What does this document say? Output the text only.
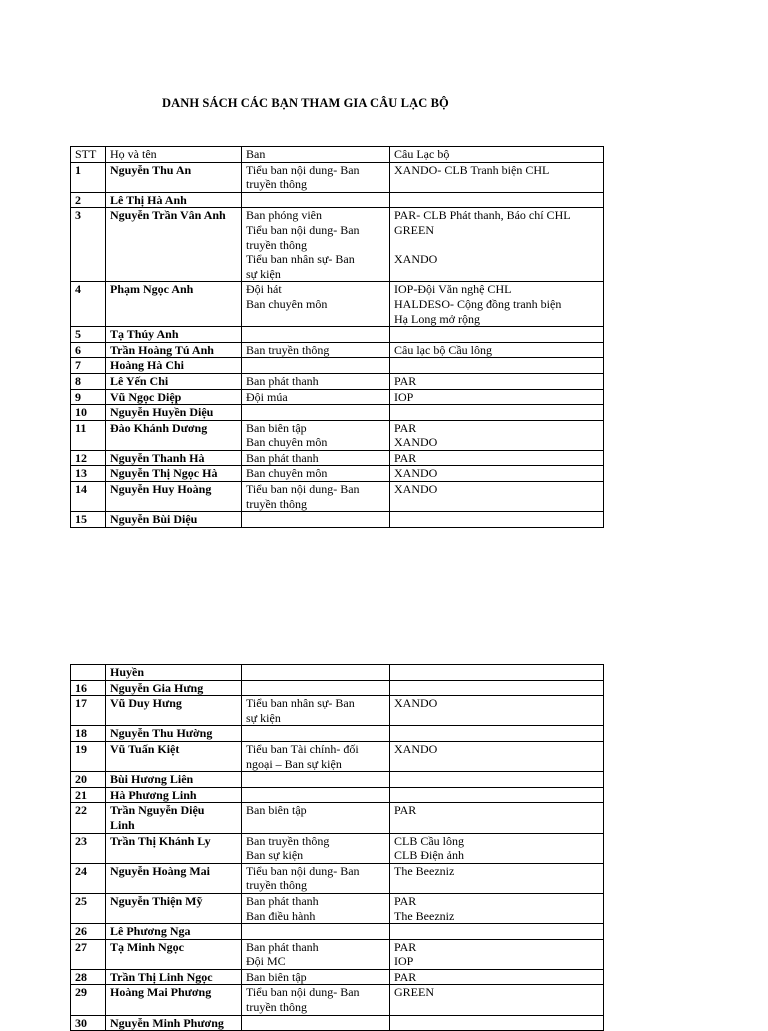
DANH SÁCH CÁC BẠN THAM GIA CÂU LẠC BỘ
STT	Họ và tên	Ban	Câu Lạc bộ
1	Nguyễn Thu An	Tiểu ban nội dung- Ban
truyền thông	XANDO- CLB Tranh biện CHL
2	Lê Thị Hà Anh		
3	Nguyễn Trần Vân Anh	Ban phóng viên
Tiểu ban nội dung- Ban
truyền thông
Tiểu ban nhân sự- Ban
sự kiện	PAR- CLB Phát thanh, Báo chí CHL
GREEN

XANDO
4	Phạm Ngọc Anh	Đội hát
Ban chuyên môn	IOP-Đội Văn nghệ CHL
HALDESO- Cộng đồng tranh biện
Hạ Long mở rộng
5	Tạ Thúy Anh		
6	Trần Hoàng Tú Anh	Ban truyền thông	Câu lạc bộ Cầu lông
7	Hoàng Hà Chi		
8	Lê Yến Chi	Ban phát thanh	PAR
9	Vũ Ngọc Diệp	Đội múa	IOP
10	Nguyễn Huyền Diệu		
11	Đào Khánh Dương	Ban biên tập
Ban chuyên môn	PAR
XANDO
12	Nguyễn Thanh Hà	Ban phát thanh	PAR
13	Nguyễn Thị Ngọc Hà	Ban chuyên môn	XANDO
14	Nguyễn Huy Hoàng	Tiểu ban nội dung- Ban
truyền thông	XANDO
15	Nguyễn Bùi Diệu		
	Huyền		
16	Nguyễn Gia Hưng		
17	Vũ Duy Hưng	Tiểu ban nhân sự- Ban
sự kiện	XANDO
18	Nguyễn Thu Hường		
19	Vũ Tuấn Kiệt	Tiểu ban Tài chính- đối
ngoại – Ban sự kiện	XANDO
20	Bùi Hương Liên		
21	Hà Phương Linh		
22	Trần Nguyễn Diệu
Linh	Ban biên tập	PAR
23	Trần Thị Khánh Ly	Ban truyền thông
Ban sự kiện	CLB Cầu lông
CLB Điện ảnh
24	Nguyễn Hoàng Mai	Tiểu ban nội dung- Ban
truyền thông	The Beezniz
25	Nguyễn Thiện Mỹ	Ban phát thanh
Ban điều hành	PAR
The Beezniz
26	Lê Phương Nga		
27	Tạ Minh Ngọc	Ban phát thanh
Đội MC	PAR
IOP
28	Trần Thị Linh Ngọc	Ban biên tập	PAR
29	Hoàng Mai Phương	Tiểu ban nội dung- Ban
truyền thông	GREEN
30	Nguyễn Minh Phương		
